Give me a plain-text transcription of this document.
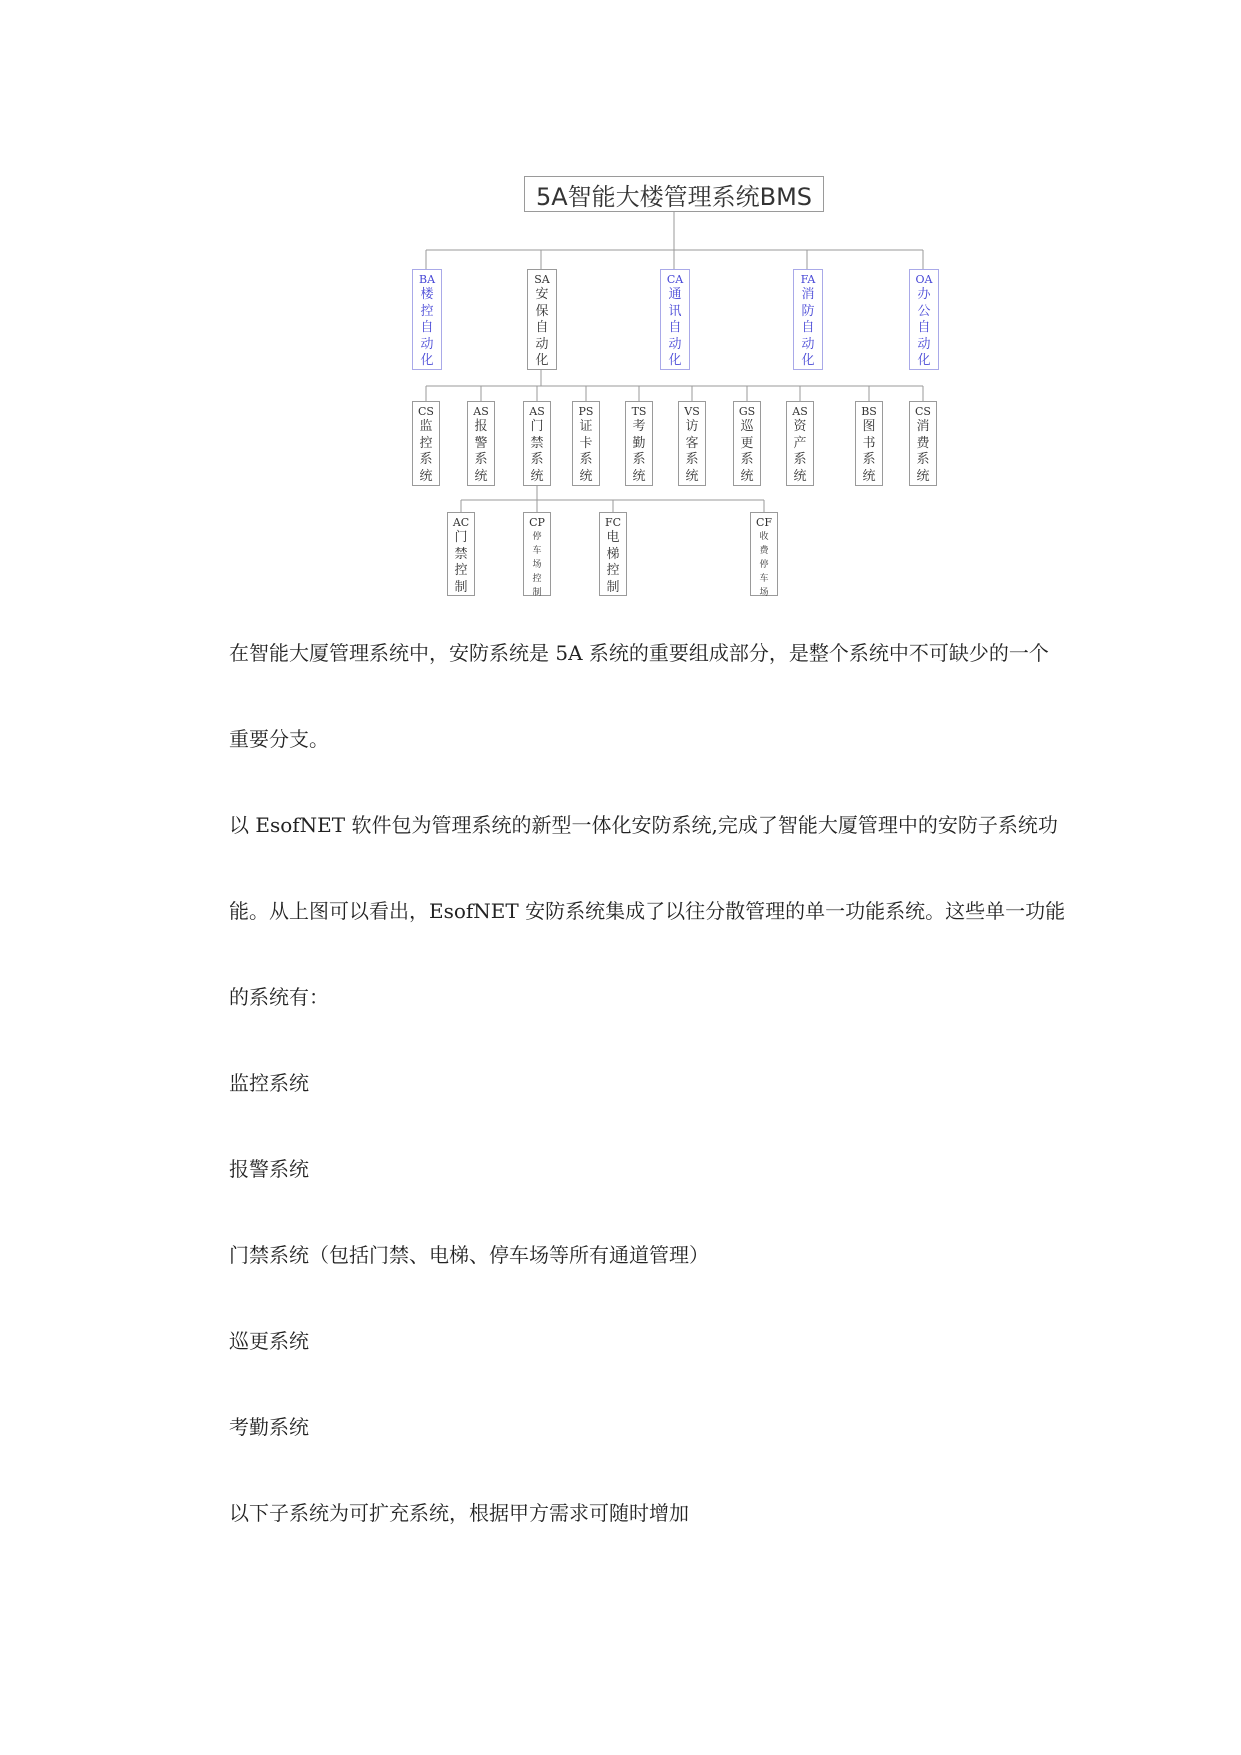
5A智能大楼管理系统BMS
BA
楼
控
自
动
化
SA
安
保
自
动
化
CA
通
讯
自
动
化
FA
消
防
自
动
化
OA
办
公
自
动
化
CS
监
控
系
统
AS
报
警
系
统
AS
门
禁
系
统
PS
证
卡
系
统
TS
考
勤
系
统
VS
访
客
系
统
GS
巡
更
系
统
AS
资
产
系
统
BS
图
书
系
统
CS
消
费
系
统
AC
门
禁
控
制
CP
停
车
场
控
制
FC
电
梯
控
制
CF
收
费
停
车
场
在智能大厦管理系统中，安防系统是 5A 系统的重要组成部分，是整个系统中不可缺少的一个
重要分支。
以 EsofNET 软件包为管理系统的新型一体化安防系统,完成了智能大厦管理中的安防子系统功
能。从上图可以看出，EsofNET 安防系统集成了以往分散管理的单一功能系统。这些单一功能
的系统有：
监控系统
报警系统
门禁系统（包括门禁、电梯、停车场等所有通道管理）
巡更系统
考勤系统
以下子系统为可扩充系统，根据甲方需求可随时增加
